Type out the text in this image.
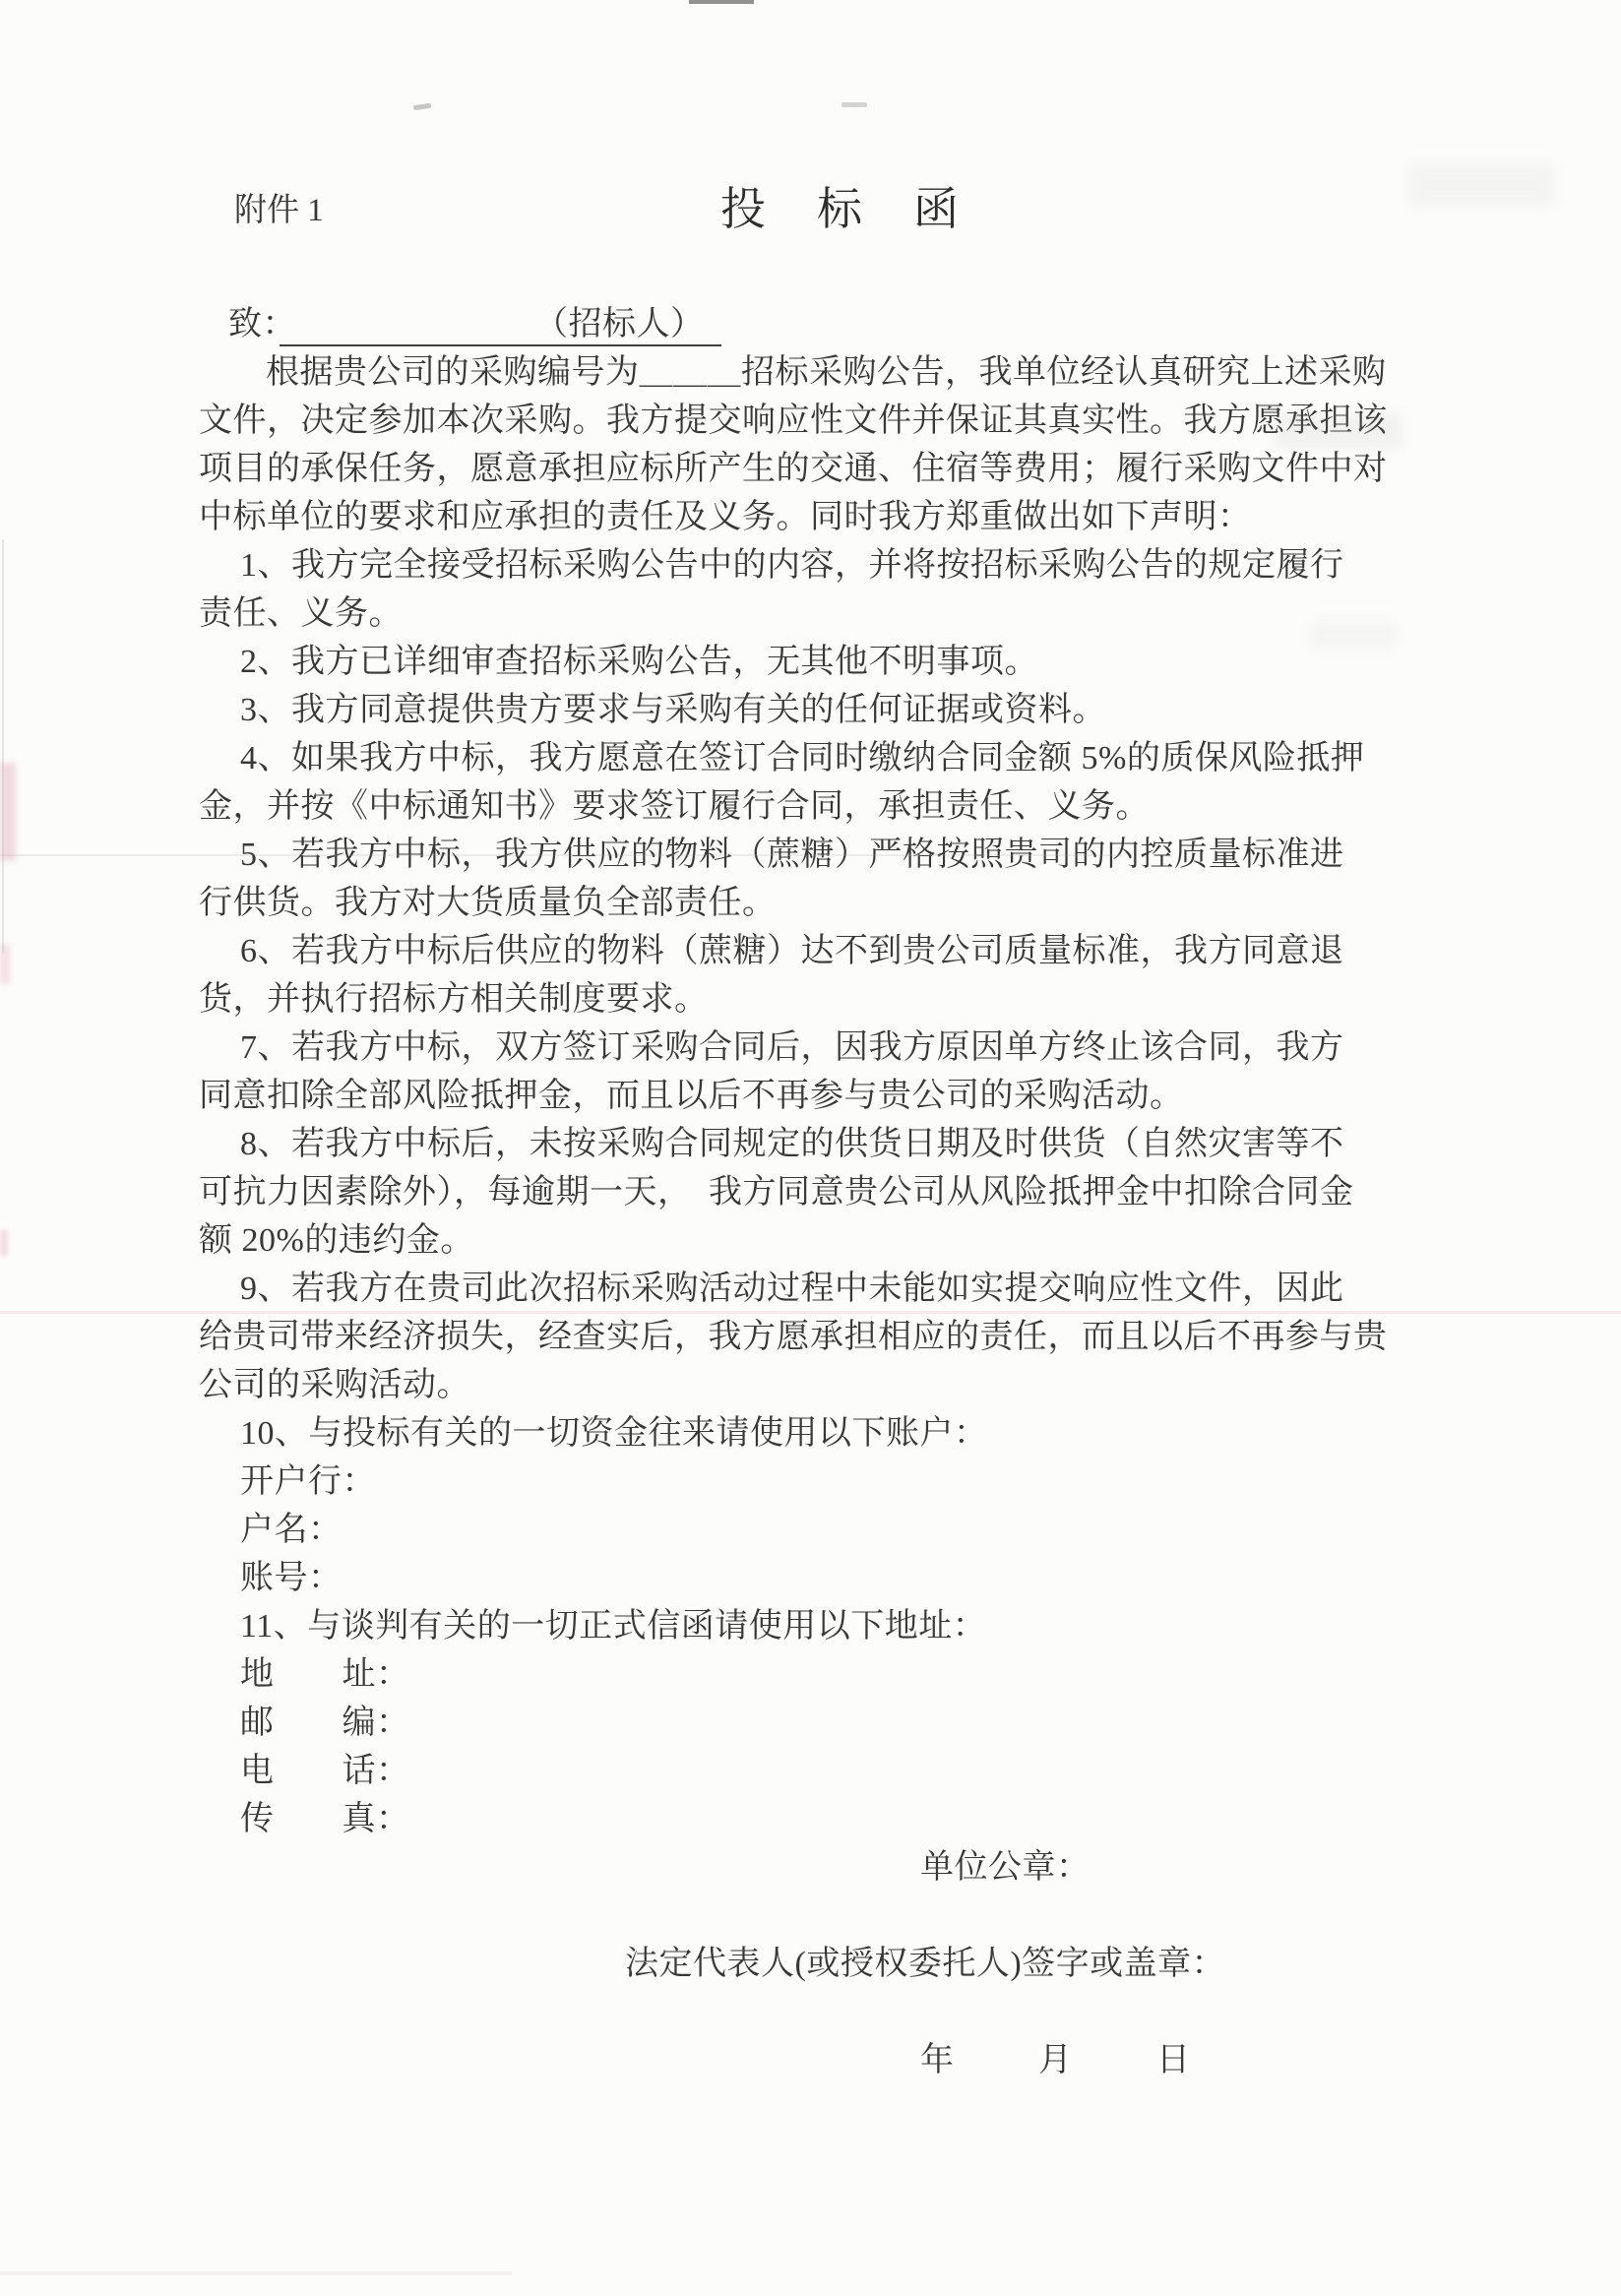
附件 1	投标函
致：　　　　　　　　	（招标人）　
根据贵公司的采购编号为＿＿＿招标采购公告，我单位经认真研究上述采购
文件，决定参加本次采购。我方提交响应性文件并保证其真实性。我方愿承担该
项目的承保任务，愿意承担应标所产生的交通、住宿等费用；履行采购文件中对
中标单位的要求和应承担的责任及义务。同时我方郑重做出如下声明：
1、我方完全接受招标采购公告中的内容，并将按招标采购公告的规定履行
责任、义务。
2、我方已详细审查招标采购公告，无其他不明事项。
3、我方同意提供贵方要求与采购有关的任何证据或资料。
4、如果我方中标，我方愿意在签订合同时缴纳合同金额 5%的质保风险抵押
金，并按《中标通知书》要求签订履行合同，承担责任、义务。
5、若我方中标，我方供应的物料（蔗糖）严格按照贵司的内控质量标准进
行供货。我方对大货质量负全部责任。
6、若我方中标后供应的物料（蔗糖）达不到贵公司质量标准，我方同意退
货，并执行招标方相关制度要求。
7、若我方中标，双方签订采购合同后，因我方原因单方终止该合同，我方
同意扣除全部风险抵押金，而且以后不再参与贵公司的采购活动。
8、若我方中标后，未按采购合同规定的供货日期及时供货（自然灾害等不
可抗力因素除外），每逾期一天，　我方同意贵公司从风险抵押金中扣除合同金
额 20%的违约金。
9、若我方在贵司此次招标采购活动过程中未能如实提交响应性文件，因此
给贵司带来经济损失，经查实后，我方愿承担相应的责任，而且以后不再参与贵
公司的采购活动。
10、与投标有关的一切资金往来请使用以下账户：
开户行：
户名：
账号：
11、与谈判有关的一切正式信函请使用以下地址：
地　　址：
邮　　编：
电　　话：
传　　真：
单位公章：
法定代表人(或授权委托人)签字或盖章：
年　　月　　日
